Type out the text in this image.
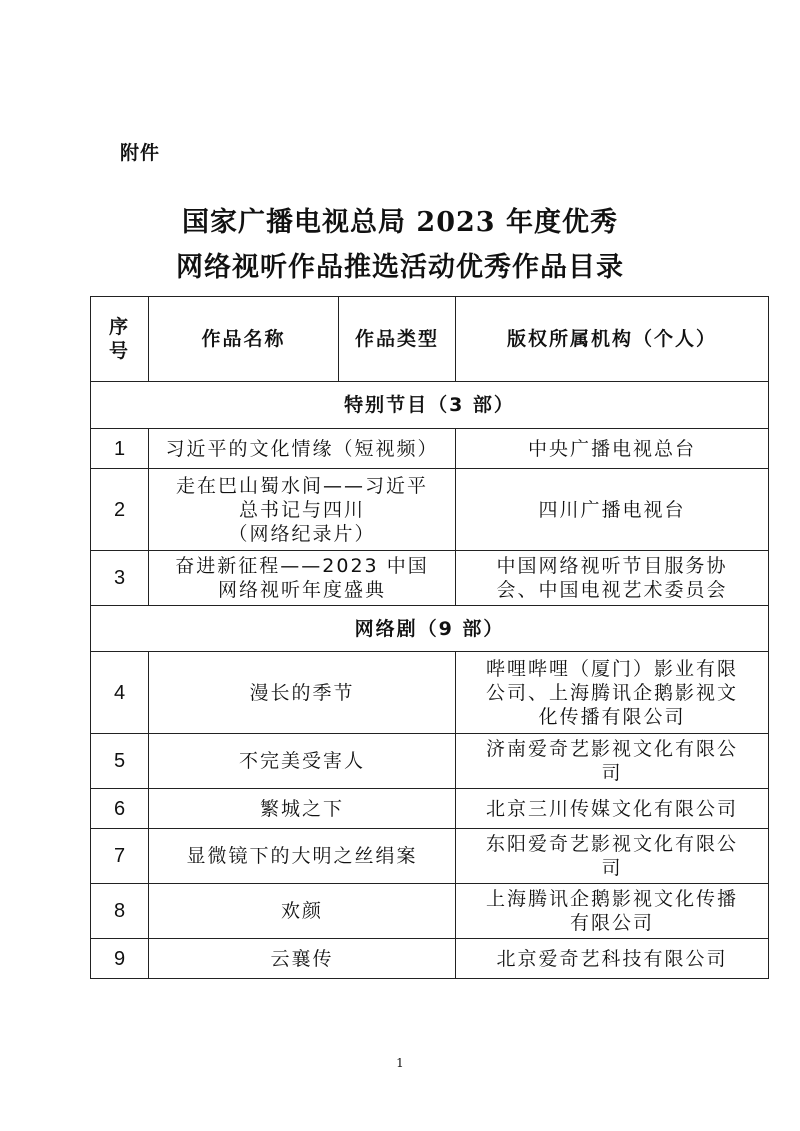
附件
国家广播电视总局 2023 年度优秀
网络视听作品推选活动优秀作品目录
序
号	作品名称	作品类型	版权所属机构（个人）
特别节目（3 部）			
1	习近平的文化情缘（短视频）		中央广播电视总台
2	走在巴山蜀水间——习近平
总书记与四川
（网络纪录片）		四川广播电视台
3	奋进新征程——2023 中国
网络视听年度盛典		中国网络视听节目服务协
会、中国电视艺术委员会
网络剧（9 部）			
4	漫长的季节		哔哩哔哩（厦门）影业有限
公司、上海腾讯企鹅影视文
化传播有限公司
5	不完美受害人		济南爱奇艺影视文化有限公
司
6	繁城之下		北京三川传媒文化有限公司
7	显微镜下的大明之丝绢案		东阳爱奇艺影视文化有限公
司
8	欢颜		上海腾讯企鹅影视文化传播
有限公司
9	云襄传		北京爱奇艺科技有限公司
1
